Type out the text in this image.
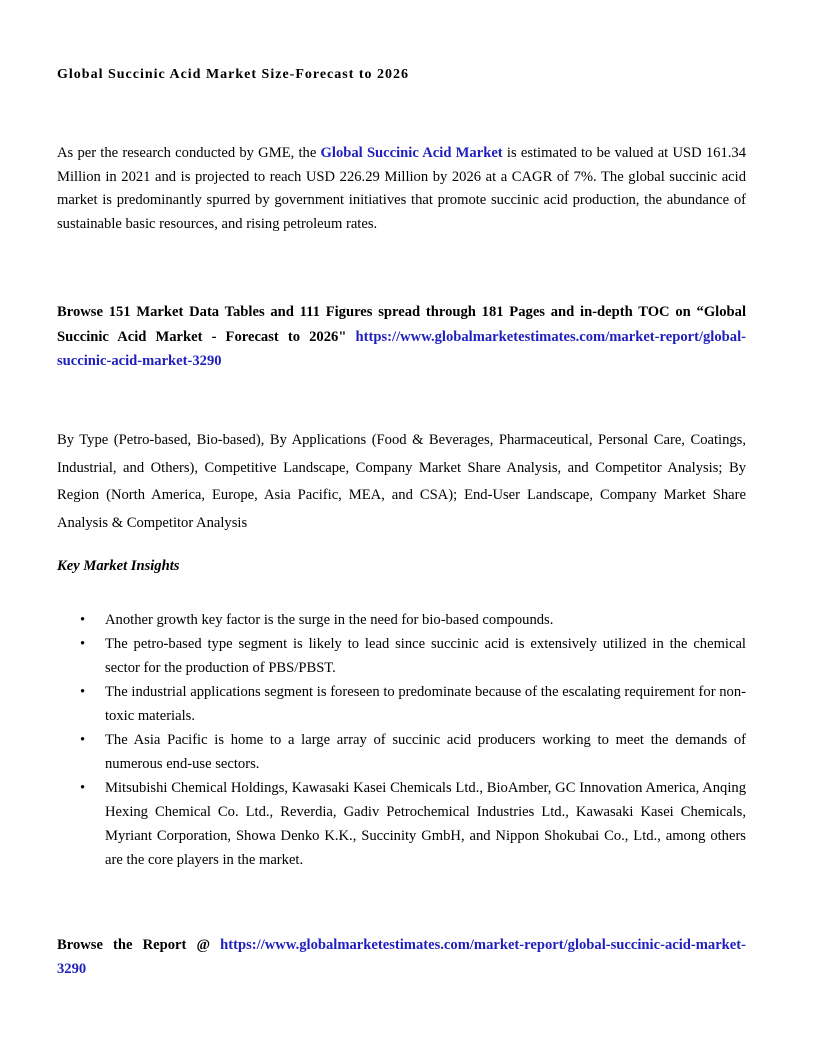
Global Succinic Acid Market Size-Forecast to 2026

As per the research conducted by GME, the Global Succinic Acid Market is estimated to be valued at USD 161.34 Million in 2021 and is projected to reach USD 226.29 Million by 2026 at a CAGR of 7%. The global succinic acid market is predominantly spurred by government initiatives that promote succinic acid production, the abundance of sustainable basic resources, and rising petroleum rates.

Browse 151 Market Data Tables and 111 Figures spread through 181 Pages and in-depth TOC on “Global Succinic Acid Market - Forecast to 2026" https://www.globalmarketestimates.com/market-report/global-succinic-acid-market-3290

By Type (Petro-based, Bio-based), By Applications (Food & Beverages, Pharmaceutical, Personal Care, Coatings, Industrial, and Others), Competitive Landscape, Company Market Share Analysis, and Competitor Analysis; By Region (North America, Europe, Asia Pacific, MEA, and CSA); End-User Landscape, Company Market Share Analysis & Competitor Analysis

Key Market Insights
• Another growth key factor is the surge in the need for bio-based compounds.
• The petro-based type segment is likely to lead since succinic acid is extensively utilized in the chemical sector for the production of PBS/PBST.
• The industrial applications segment is foreseen to predominate because of the escalating requirement for non-toxic materials.
• The Asia Pacific is home to a large array of succinic acid producers working to meet the demands of numerous end-use sectors.
• Mitsubishi Chemical Holdings, Kawasaki Kasei Chemicals Ltd., BioAmber, GC Innovation America, Anqing Hexing Chemical Co. Ltd., Reverdia, Gadiv Petrochemical Industries Ltd., Kawasaki Kasei Chemicals, Myriant Corporation, Showa Denko K.K., Succinity GmbH, and Nippon Shokubai Co., Ltd., among others are the core players in the market.

Browse the Report @ https://www.globalmarketestimates.com/market-report/global-succinic-acid-market-3290
